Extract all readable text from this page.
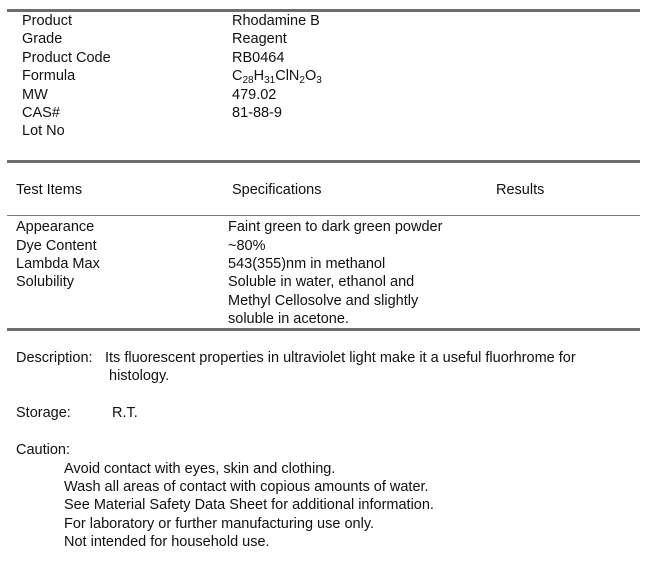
Product	Rhodamine B
Grade	Reagent
Product Code	RB0464
Formula	$C_{28}H_{31}ClN_2O_3$
MW	479.02
CAS#	81-88-9
Lot No
Test Items	Specifications	Results
Appearance	Faint green to dark green powder
Dye Content	~80%
Lambda Max	543(355)nm in methanol
Solubility	Soluble in water, ethanol and
Methyl Cellosolve and slightly
soluble in acetone.
Description: Its fluorescent properties in ultraviolet light make it a useful fluorhrome for
histology.
Storage:	R.T.
Caution:
Avoid contact with eyes, skin and clothing.
Wash all areas of contact with copious amounts of water.
See Material Safety Data Sheet for additional information.
For laboratory or further manufacturing use only.
Not intended for household use.
